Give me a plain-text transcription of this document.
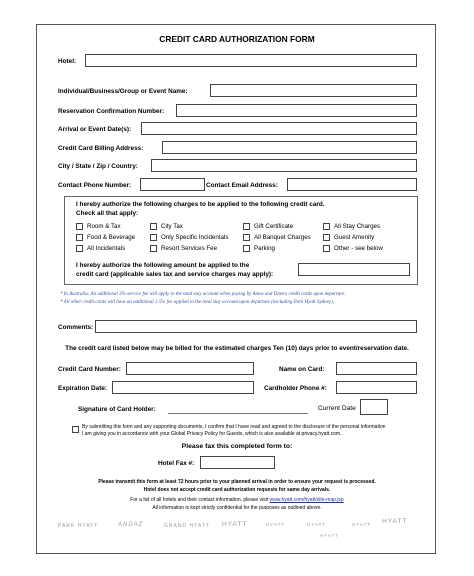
CREDIT CARD AUTHORIZATION FORM
Hotel:
Individual/Business/Group or Event Name:
Reservation Confirmation Number:
Arrival or Event Date(s):
Credit Card Billing Address:
City / State / Zip / Country:
Contact Phone Number:	Contact Email Address:
I hereby authorize the following charges to be applied to the following credit card.
Check all that apply:
Room & Tax	City Tax	Gift Certificate	All Stay Charges
Food & Beverage	Only Specific Incidentals	All Banquet Charges	Guest Amenity
All Incidentals	Resort Services Fee	Parking	Other - see below
I hereby authorize the following amount be applied to the
credit card (applicable sales tax and service charges may apply):
* In Australia: An additional 3% service fee will apply to the total stay account when paying by Amex and Diners credit cards upon departure.
* All other credit cards will have an additional 1.5% fee applied to the total stay account upon departure (excluding Park Hyatt Sydney).
Comments:
The credit card listed below may be billed for the estimated charges Ten (10) days prior to event/reservation date.
Credit Card Number:	Name on Card:
Expiration Date:	Cardholder Phone #:
Signature of Card Holder:	Current Date
By submitting this form and any supporting documents, I confirm that I have read and agreed to the disclosure of the personal information
I am giving you in accordance with your Global Privacy Policy for Guests, which is also available at privacy.hyatt.com.
Please fax this completed form to:
Hotel Fax #:
Please transmit this form at least 72 hours prior to your planned arrival in order to ensure your request is processed.
Hotel does not accept credit card authorization requests for same day arrivals.
For a list of all hotels and their contact information, please visit www.hyatt.com/hyatt/site-map.jsp
All information is kept strictly confidential for the purposes as outlined above.
PARK HYATT	ANDAZ	GRAND HYATT HYATT	HYATT	HYATT	HYATT HYATT
HYATT
